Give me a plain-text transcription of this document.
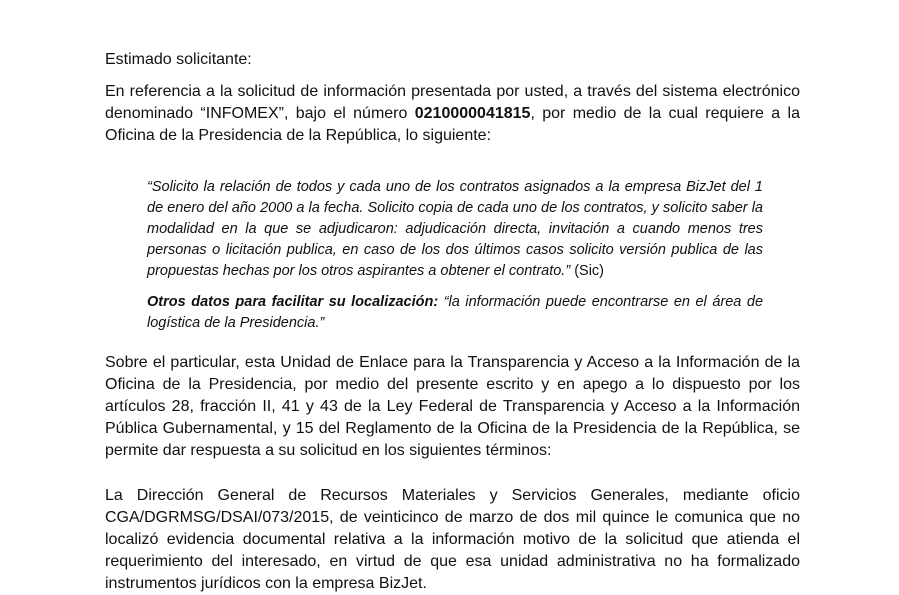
Estimado solicitante:
En referencia a la solicitud de información presentada por usted, a través del sistema electrónico denominado “INFOMEX”, bajo el número 0210000041815, por medio de la cual requiere a la Oficina de la Presidencia de la República, lo siguiente:
“Solicito la relación de todos y cada uno de los contratos asignados a la empresa BizJet del 1 de enero del año 2000 a la fecha. Solicito copia de cada uno de los contratos, y solicito saber la modalidad en la que se adjudicaron: adjudicación directa, invitación a cuando menos tres personas o licitación publica, en caso de los dos últimos casos solicito versión publica de las propuestas hechas por los otros aspirantes a obtener el contrato.” (Sic)
Otros datos para facilitar su localización: “la información puede encontrarse en el área de logística de la Presidencia.”
Sobre el particular, esta Unidad de Enlace para la Transparencia y Acceso a la Información de la Oficina de la Presidencia, por medio del presente escrito y en apego a lo dispuesto por los artículos 28, fracción II, 41 y 43 de la Ley Federal de Transparencia y Acceso a la Información Pública Gubernamental, y 15 del Reglamento de la Oficina de la Presidencia de la República, se permite dar respuesta a su solicitud en los siguientes términos:
La Dirección General de Recursos Materiales y Servicios Generales, mediante oficio CGA/DGRMSG/DSAI/073/2015, de veinticinco de marzo de dos mil quince le comunica que no localizó evidencia documental relativa a la información motivo de la solicitud que atienda el requerimiento del interesado, en virtud de que esa unidad administrativa no ha formalizado instrumentos jurídicos con la empresa BizJet.
